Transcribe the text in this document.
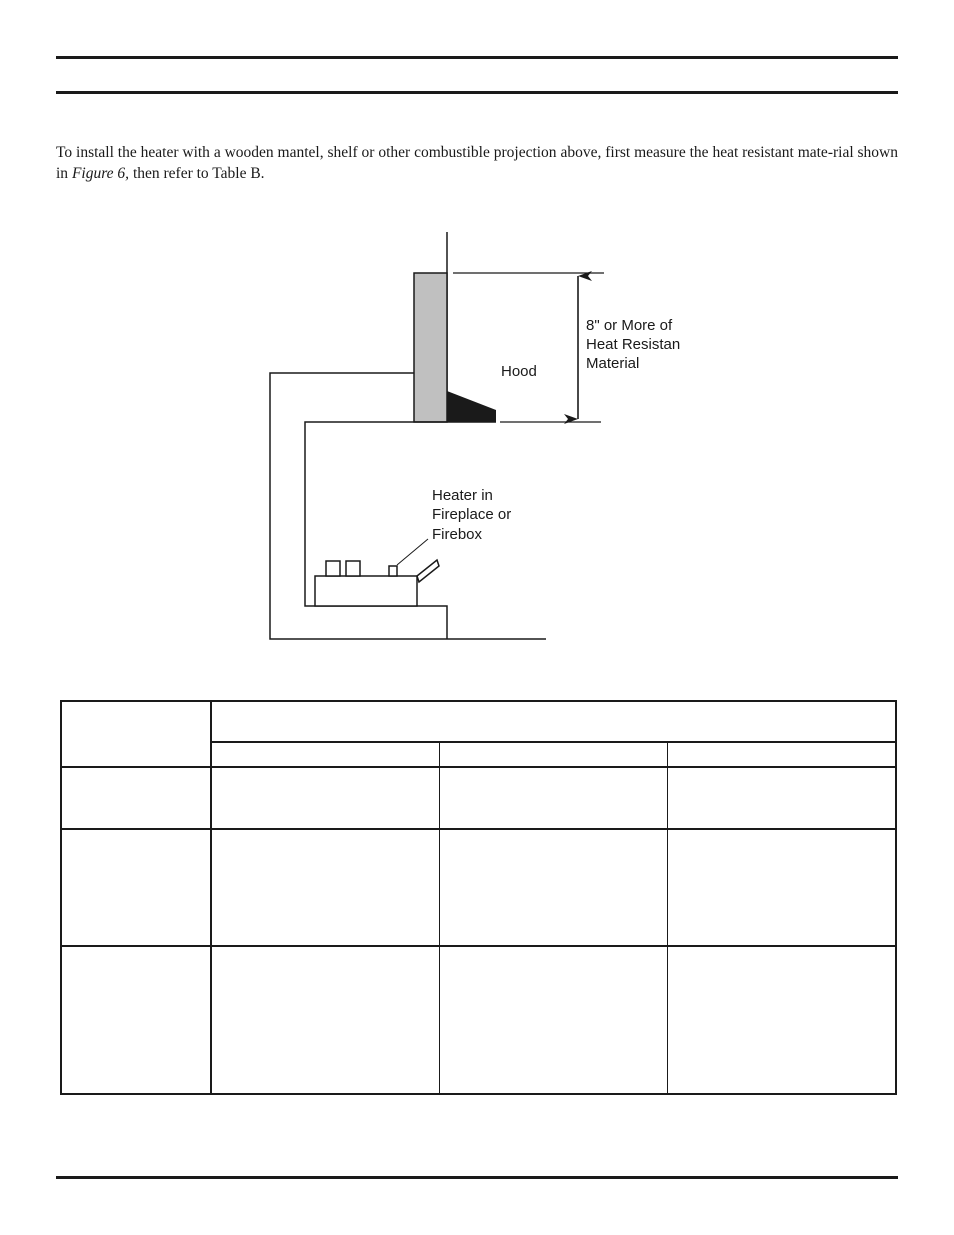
To install the heater with a wooden mantel, shelf or other combustible projection above, first measure the heat resistant mate-rial shown in Figure 6, then refer to Table B.
8" or More of Heat Resistan Material
Hood
Heater in Fireplace or Firebox
